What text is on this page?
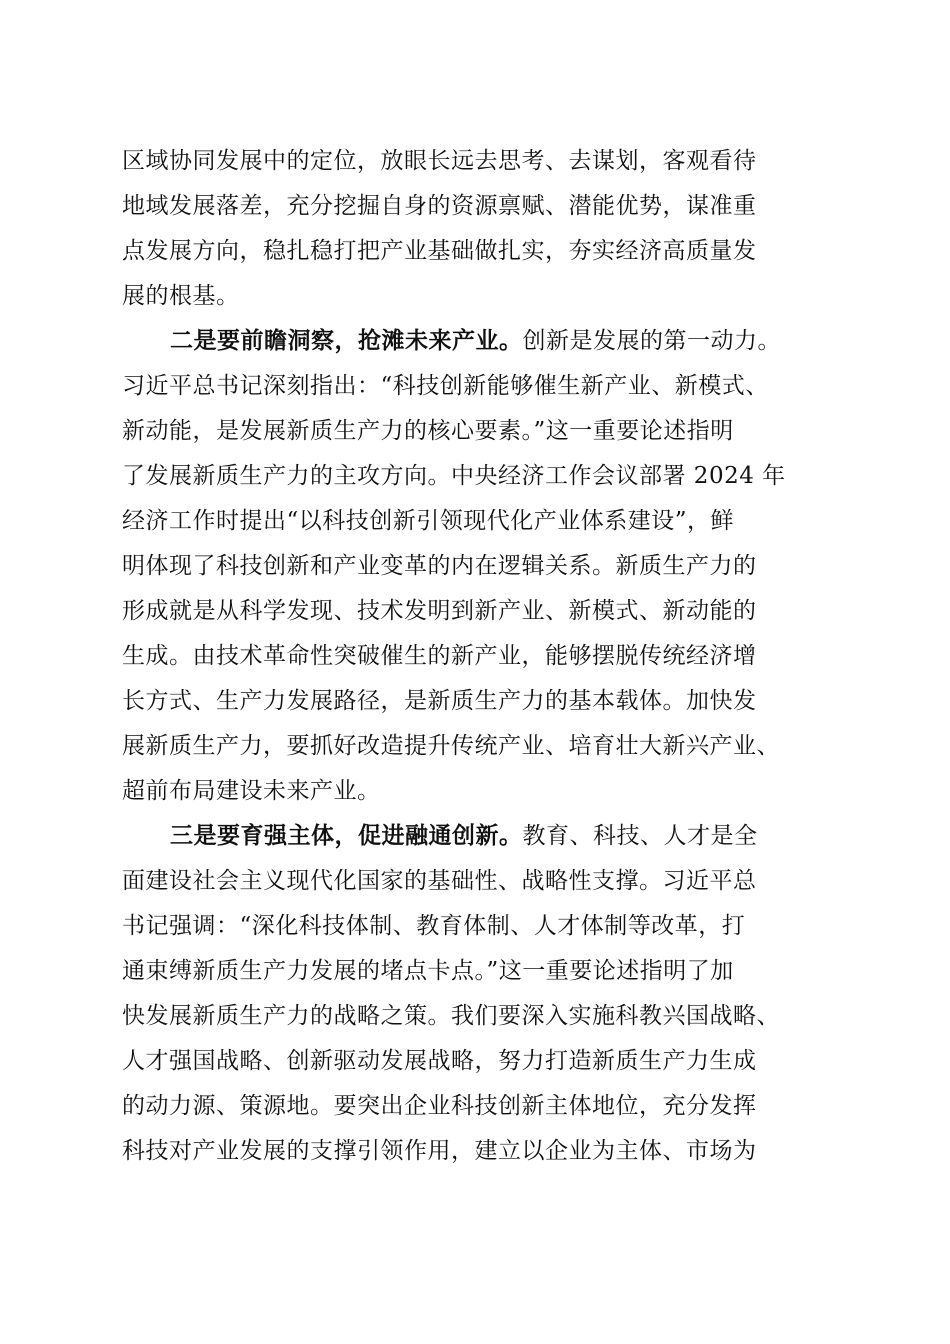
区域协同发展中的定位，放眼长远去思考、去谋划，客观看待
地域发展落差，充分挖掘自身的资源禀赋、潜能优势，谋准重
点发展方向，稳扎稳打把产业基础做扎实，夯实经济高质量发
展的根基。
二是要前瞻洞察，抢滩未来产业。创新是发展的第一动力。
习近平总书记深刻指出：“科技创新能够催生新产业、新模式、
新动能，是发展新质生产力的核心要素。”这一重要论述指明
了发展新质生产力的主攻方向。中央经济工作会议部署 2024 年
经济工作时提出“以科技创新引领现代化产业体系建设”，鲜
明体现了科技创新和产业变革的内在逻辑关系。新质生产力的
形成就是从科学发现、技术发明到新产业、新模式、新动能的
生成。由技术革命性突破催生的新产业，能够摆脱传统经济增
长方式、生产力发展路径，是新质生产力的基本载体。加快发
展新质生产力，要抓好改造提升传统产业、培育壮大新兴产业、
超前布局建设未来产业。
三是要育强主体，促进融通创新。教育、科技、人才是全
面建设社会主义现代化国家的基础性、战略性支撑。习近平总
书记强调：“深化科技体制、教育体制、人才体制等改革，打
通束缚新质生产力发展的堵点卡点。”这一重要论述指明了加
快发展新质生产力的战略之策。我们要深入实施科教兴国战略、
人才强国战略、创新驱动发展战略，努力打造新质生产力生成
的动力源、策源地。要突出企业科技创新主体地位，充分发挥
科技对产业发展的支撑引领作用，建立以企业为主体、市场为
